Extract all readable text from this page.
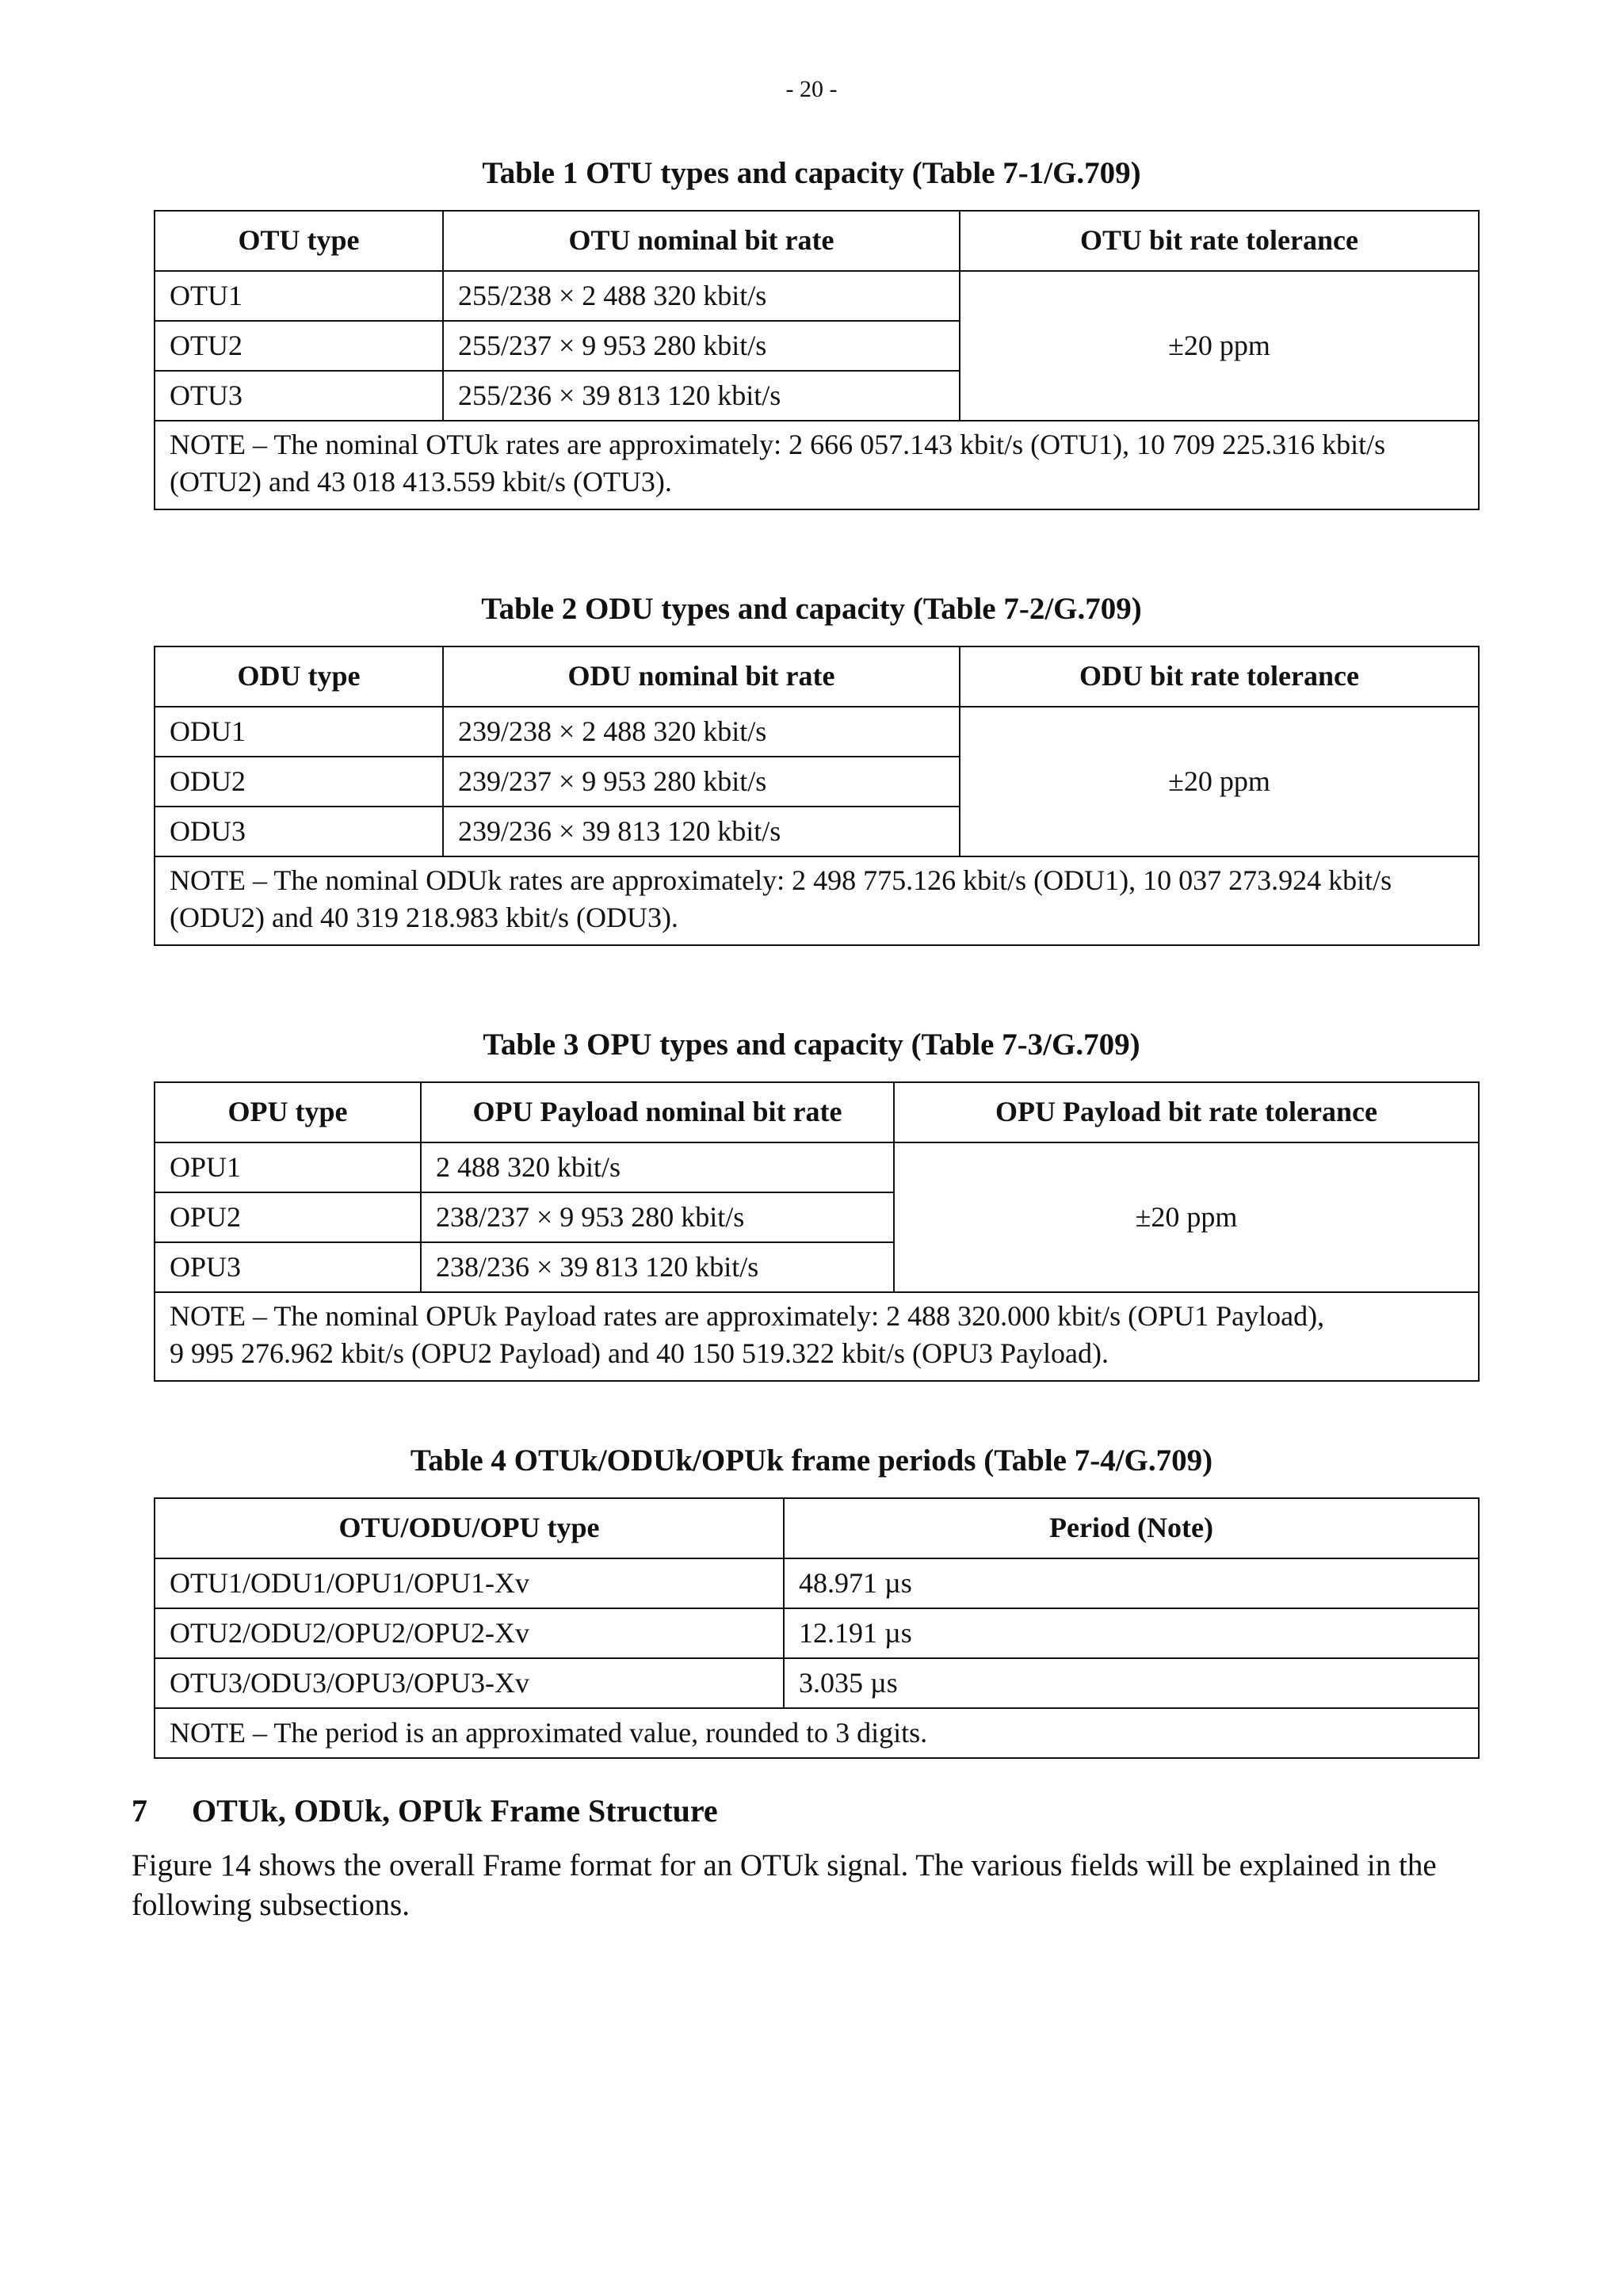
- 20 -
Table 1 OTU types and capacity (Table 7-1/G.709)
OTU type	OTU nominal bit rate	OTU bit rate tolerance
OTU1	255/238 × 2 488 320 kbit/s	±20 ppm
OTU2	255/237 × 9 953 280 kbit/s	
OTU3	255/236 × 39 813 120 kbit/s	
NOTE – The nominal OTUk rates are approximately: 2 666 057.143 kbit/s (OTU1), 10 709 225.316 kbit/s (OTU2) and 43 018 413.559 kbit/s (OTU3).		
Table 2 ODU types and capacity (Table 7-2/G.709)
ODU type	ODU nominal bit rate	ODU bit rate tolerance
ODU1	239/238 × 2 488 320 kbit/s	±20 ppm
ODU2	239/237 × 9 953 280 kbit/s	
ODU3	239/236 × 39 813 120 kbit/s	
NOTE – The nominal ODUk rates are approximately: 2 498 775.126 kbit/s (ODU1), 10 037 273.924 kbit/s (ODU2) and 40 319 218.983 kbit/s (ODU3).		
Table 3 OPU types and capacity (Table 7-3/G.709)
OPU type	OPU Payload nominal bit rate	OPU Payload bit rate tolerance
OPU1	2 488 320 kbit/s	±20 ppm
OPU2	238/237 × 9 953 280 kbit/s	
OPU3	238/236 × 39 813 120 kbit/s	
NOTE – The nominal OPUk Payload rates are approximately: 2 488 320.000 kbit/s (OPU1 Payload),
9 995 276.962 kbit/s (OPU2 Payload) and 40 150 519.322 kbit/s (OPU3 Payload).		
Table 4 OTUk/ODUk/OPUk frame periods (Table 7-4/G.709)
OTU/ODU/OPU type	Period (Note)
OTU1/ODU1/OPU1/OPU1-Xv	48.971 µs
OTU2/ODU2/OPU2/OPU2-Xv	12.191 µs
OTU3/ODU3/OPU3/OPU3-Xv	3.035 µs
NOTE – The period is an approximated value, rounded to 3 digits.	
7 OTUk, ODUk, OPUk Frame Structure
Figure 14 shows the overall Frame format for an OTUk signal. The various fields will be explained in the following subsections.
